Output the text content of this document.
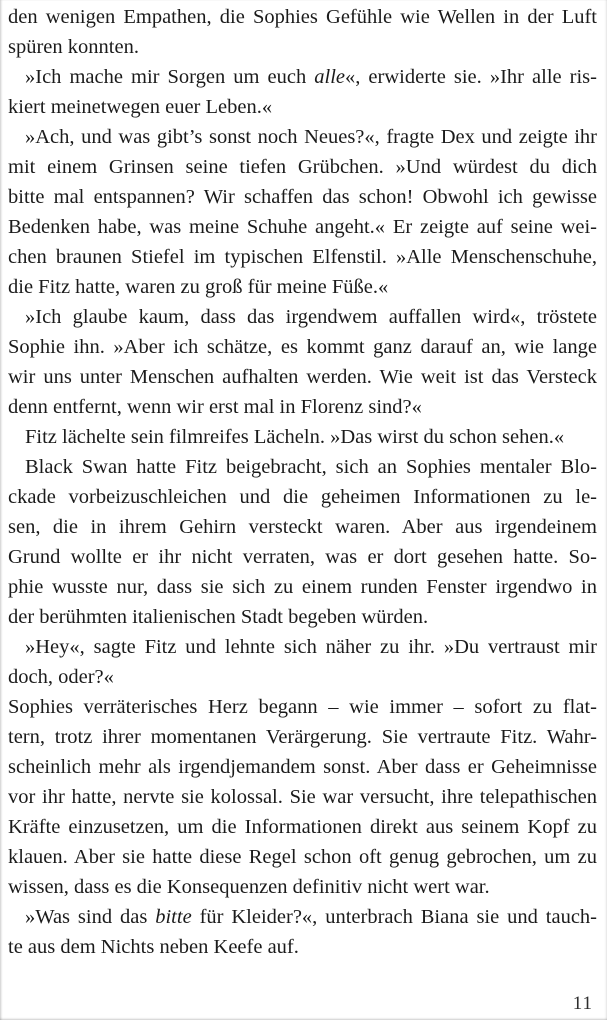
den wenigen Empathen, die Sophies Gefühle wie Wellen in der Luft
spüren konnten.
»Ich mache mir Sorgen um euch alle«, erwiderte sie. »Ihr alle ris-
kiert meinetwegen euer Leben.«
»Ach, und was gibt’s sonst noch Neues?«, fragte Dex und zeigte ihr
mit einem Grinsen seine tiefen Grübchen. »Und würdest du dich
bitte mal entspannen? Wir schaffen das schon! Obwohl ich gewisse
Bedenken habe, was meine Schuhe angeht.« Er zeigte auf seine wei-
chen braunen Stiefel im typischen Elfenstil. »Alle Menschenschuhe,
die Fitz hatte, waren zu groß für meine Füße.«
»Ich glaube kaum, dass das irgendwem auffallen wird«, tröstete
Sophie ihn. »Aber ich schätze, es kommt ganz darauf an, wie lange
wir uns unter Menschen aufhalten werden. Wie weit ist das Versteck
denn entfernt, wenn wir erst mal in Florenz sind?«
Fitz lächelte sein filmreifes Lächeln. »Das wirst du schon sehen.«
Black Swan hatte Fitz beigebracht, sich an Sophies mentaler Blo-
ckade vorbeizuschleichen und die geheimen Informationen zu le-
sen, die in ihrem Gehirn versteckt waren. Aber aus irgendeinem
Grund wollte er ihr nicht verraten, was er dort gesehen hatte. So-
phie wusste nur, dass sie sich zu einem runden Fenster irgendwo in
der berühmten italienischen Stadt begeben würden.
»Hey«, sagte Fitz und lehnte sich näher zu ihr. »Du vertraust mir
doch, oder?«
Sophies verräterisches Herz begann – wie immer – sofort zu flat-
tern, trotz ihrer momentanen Verärgerung. Sie vertraute Fitz. Wahr-
scheinlich mehr als irgendjemandem sonst. Aber dass er Geheimnisse
vor ihr hatte, nervte sie kolossal. Sie war versucht, ihre telepathischen
Kräfte einzusetzen, um die Informationen direkt aus seinem Kopf zu
klauen. Aber sie hatte diese Regel schon oft genug gebrochen, um zu
wissen, dass es die Konsequenzen definitiv nicht wert war.
»Was sind das bitte für Kleider?«, unterbrach Biana sie und tauch-
te aus dem Nichts neben Keefe auf.
11
